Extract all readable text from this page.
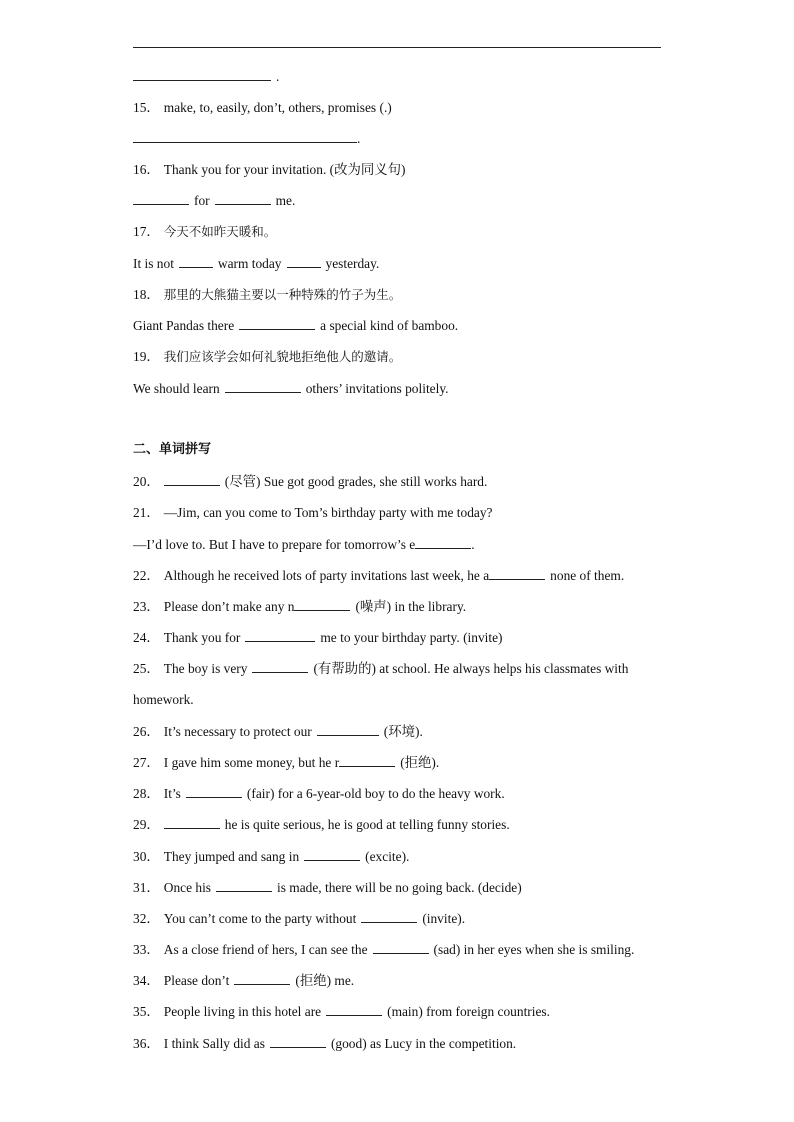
.
15． make, to, easily, don’t, others, promises (.)
.
16． Thank you for your invitation. (改为同义句)
for	me.
17． 今天不如昨天暖和。
It is not	warm today	yesterday.
18． 那里的大熊猫主要以一种特殊的竹子为生。
Giant Pandas there	a special kind of bamboo.
19． 我们应该学会如何礼貌地拒绝他人的邀请。
We should learn	others’ invitations politely.
二、单词拼写
20．	(尽管) Sue got good grades, she still works hard.
21． —Jim, can you come to Tom’s birthday party with me today?
—I’d love to. But I have to prepare for tomorrow’s e	.
22． Although he received lots of party invitations last week, he a	none of them.
23． Please don’t make any n	(噪声) in the library.
24． Thank you for	me to your birthday party. (invite)
25． The boy is very	(有帮助的) at school. He always helps his classmates with
homework.
26． It’s necessary to protect our	(环境).
27． I gave him some money, but he r	(拒绝).
28． It’s	(fair) for a 6-year-old boy to do the heavy work.
29．	he is quite serious, he is good at telling funny stories.
30． They jumped and sang in	(excite).
31． Once his	is made, there will be no going back. (decide)
32． You can’t come to the party without	(invite).
33． As a close friend of hers, I can see the	(sad) in her eyes when she is smiling.
34． Please don’t	(拒绝) me.
35． People living in this hotel are	(main) from foreign countries.
36． I think Sally did as	(good) as Lucy in the competition.
